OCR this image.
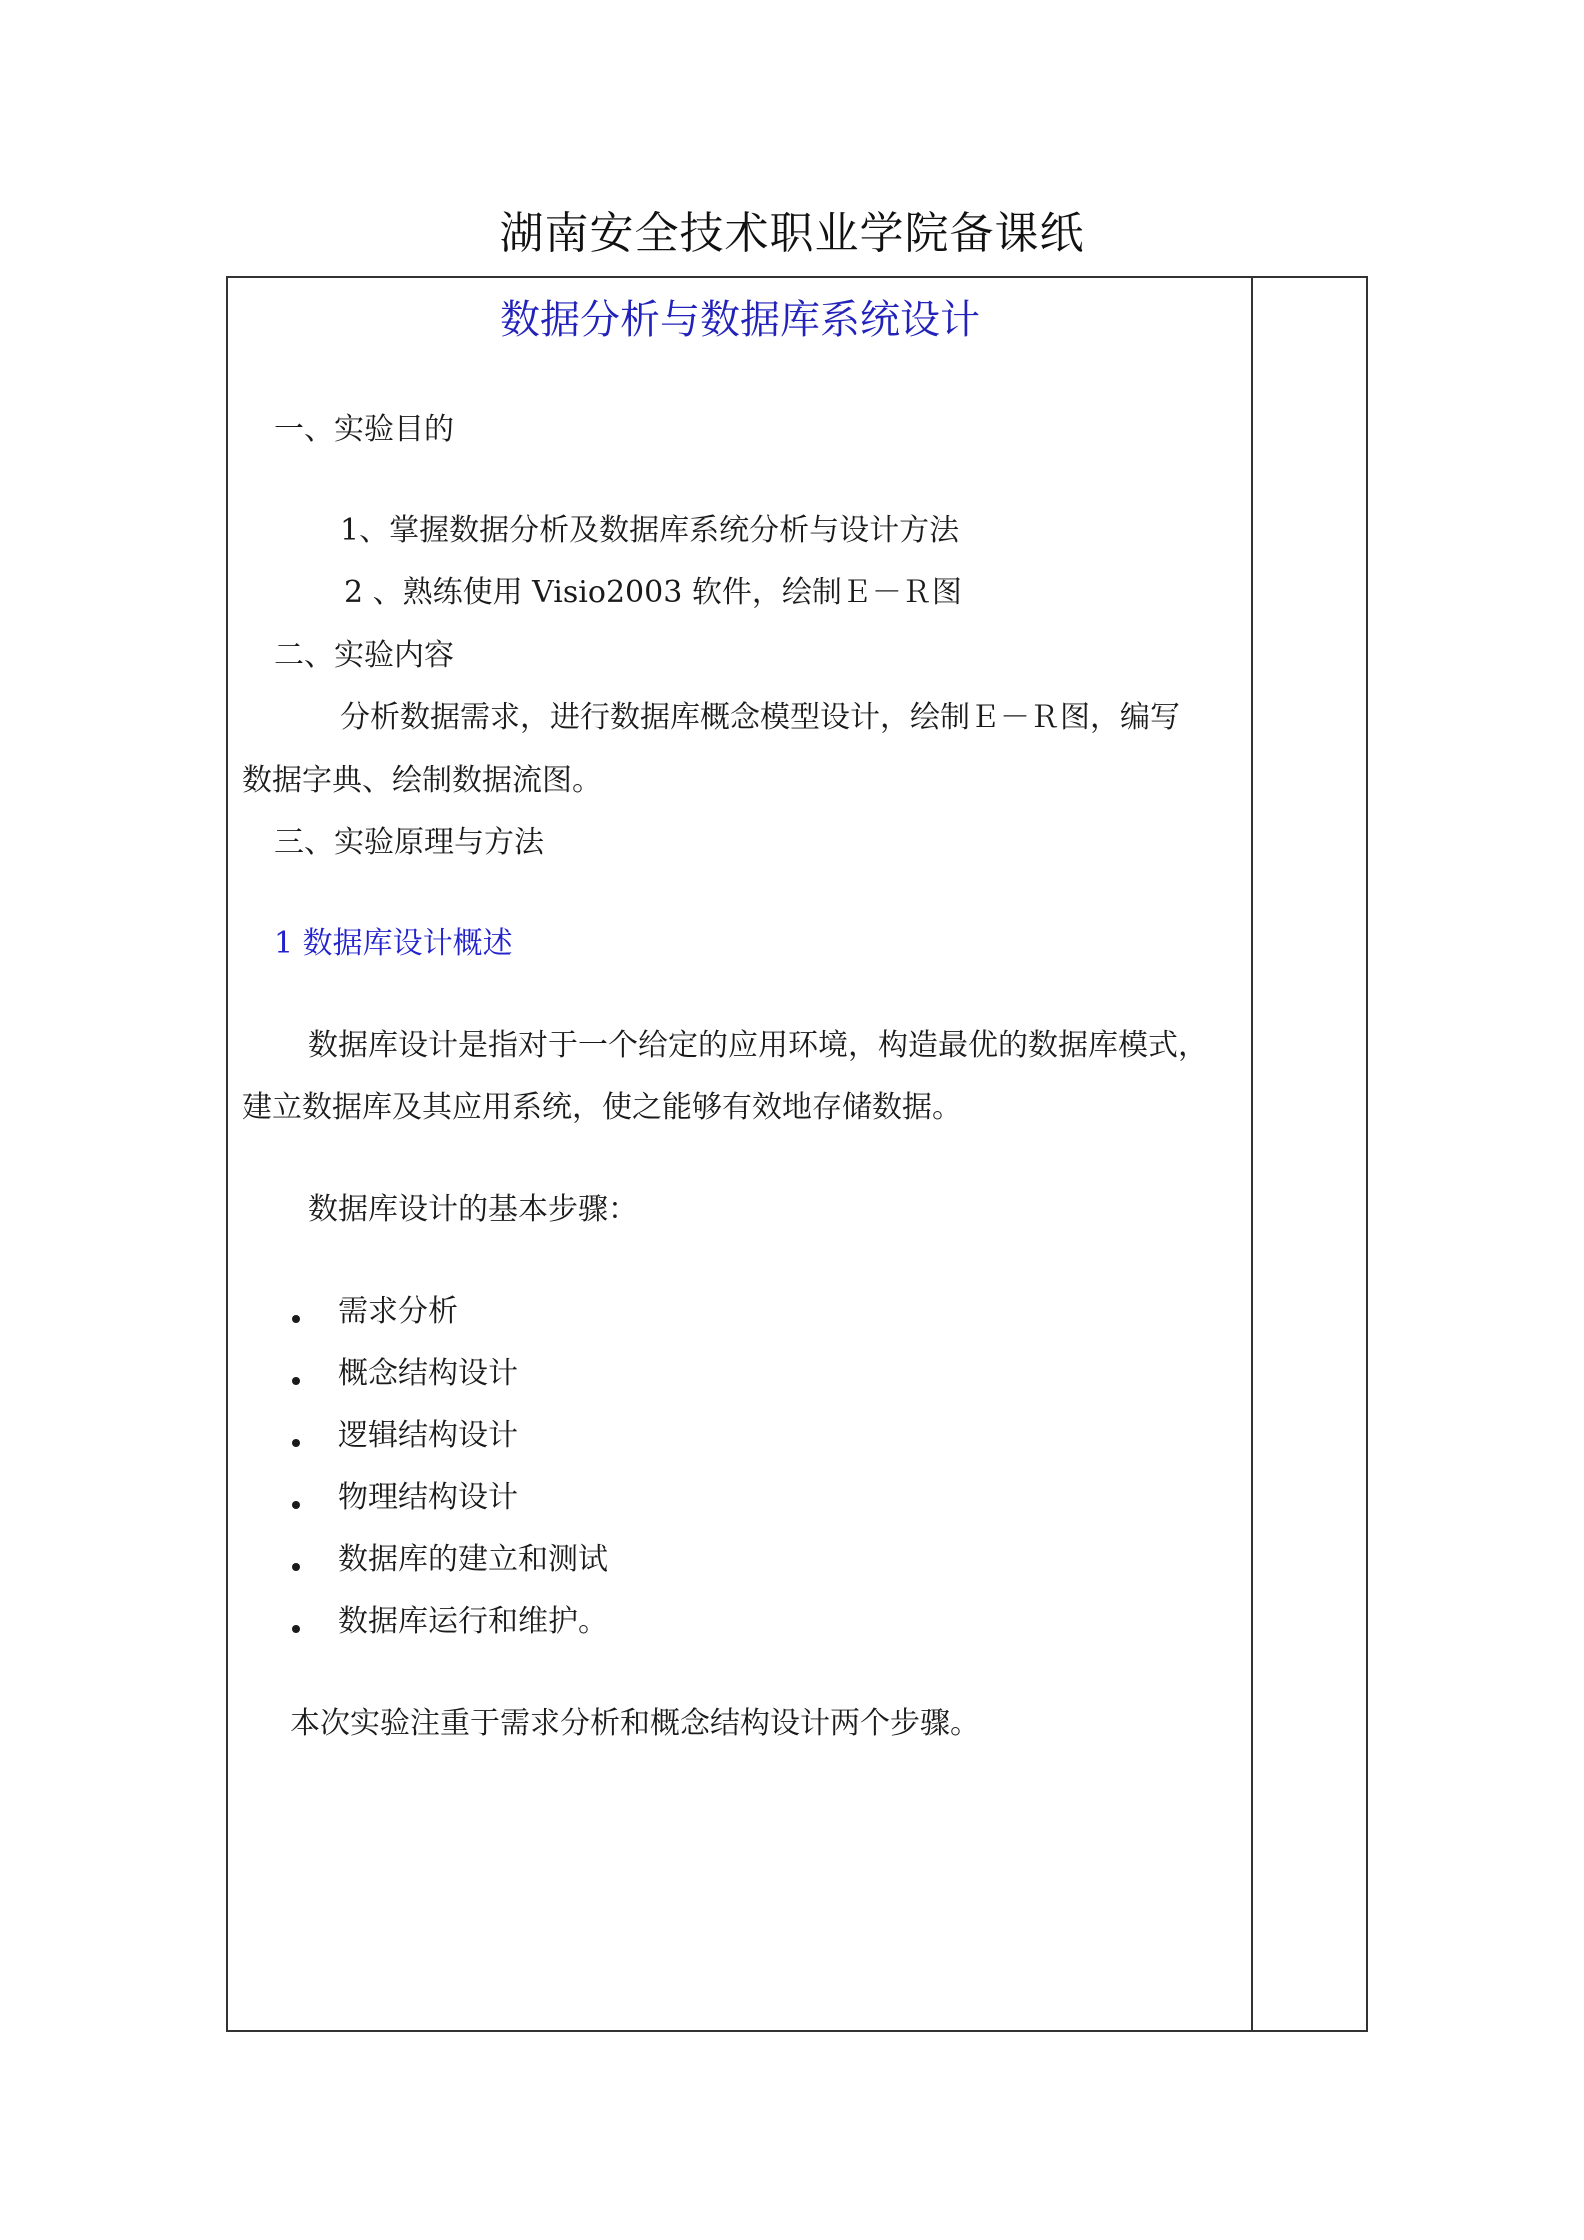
湖南安全技术职业学院备课纸
数据分析与数据库系统设计

一、实验目的

1、掌握数据分析及数据库系统分析与设计方法

2 、熟练使用 Visio2003 软件，绘制Ｅ－Ｒ图

二、实验内容

分析数据需求，进行数据库概念模型设计，绘制Ｅ－Ｒ图，编写

数据字典、绘制数据流图。

三、实验原理与方法

1 数据库设计概述

数据库设计是指对于一个给定的应用环境，构造最优的数据库模式，

建立数据库及其应用系统，使之能够有效地存储数据。

数据库设计的基本步骤：

需求分析

概念结构设计

逻辑结构设计

物理结构设计

数据库的建立和测试

数据库运行和维护。

本次实验注重于需求分析和概念结构设计两个步骤。
